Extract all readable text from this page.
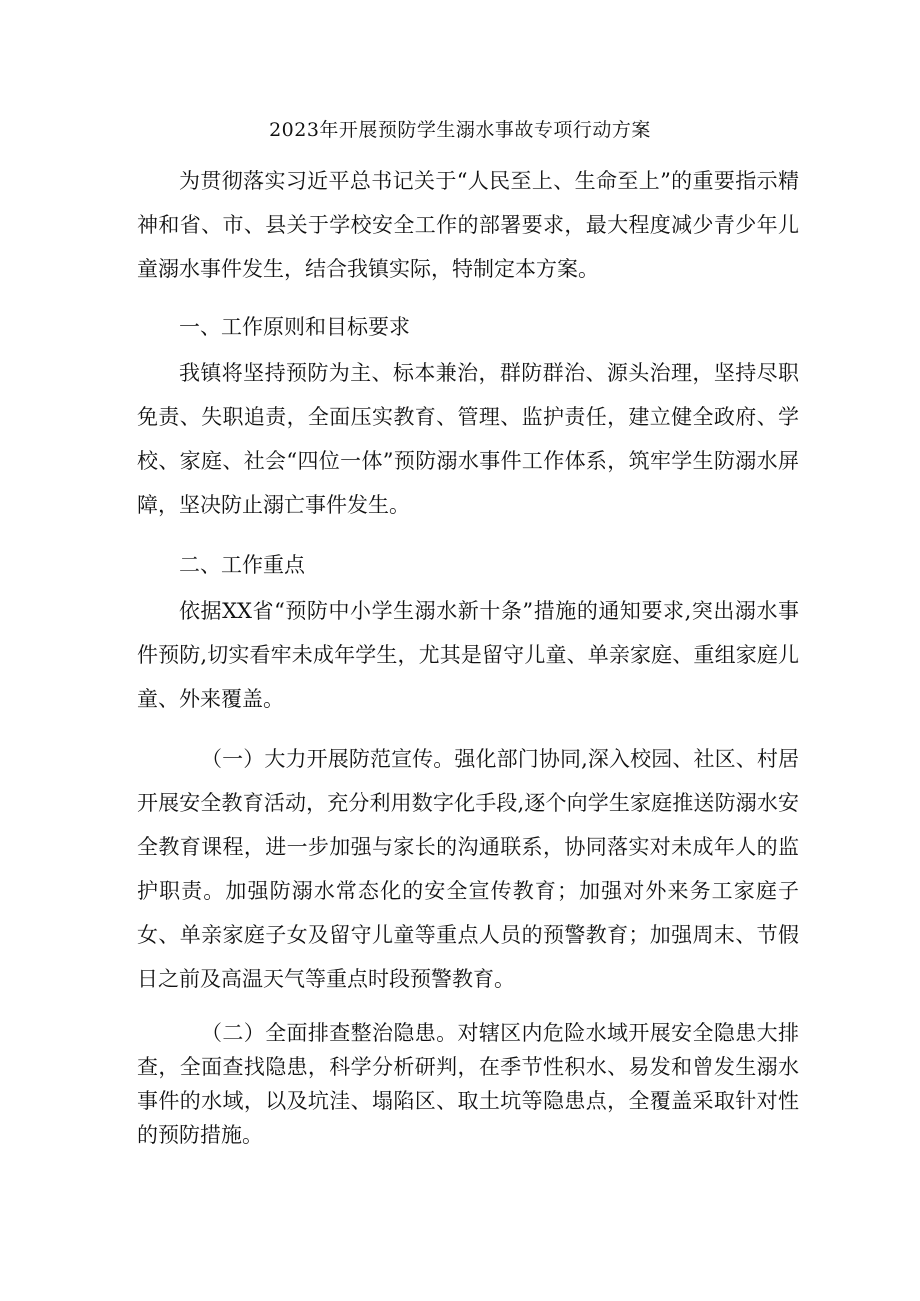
2023年开展预防学生溺水事故专项行动方案

为贯彻落实习近平总书记关于“人民至上、生命至上”的重要指示精神和省、市、县关于学校安全工作的部署要求，最大程度减少青少年儿童溺水事件发生，结合我镇实际，特制定本方案。

一、工作原则和目标要求

我镇将坚持预防为主、标本兼治，群防群治、源头治理，坚持尽职免责、失职追责，全面压实教育、管理、监护责任，建立健全政府、学校、家庭、社会“四位一体”预防溺水事件工作体系，筑牢学生防溺水屏障，坚决防止溺亡事件发生。

二、工作重点

依据XX省“预防中小学生溺水新十条”措施的通知要求,突出溺水事件预防,切实看牢未成年学生，尤其是留守儿童、单亲家庭、重组家庭儿童、外来覆盖。

（一）大力开展防范宣传。强化部门协同,深入校园、社区、村居开展安全教育活动，充分利用数字化手段,逐个向学生家庭推送防溺水安全教育课程，进一步加强与家长的沟通联系，协同落实对未成年人的监护职责。加强防溺水常态化的安全宣传教育；加强对外来务工家庭子女、单亲家庭子女及留守儿童等重点人员的预警教育；加强周末、节假日之前及高温天气等重点时段预警教育。

（二）全面排查整治隐患。对辖区内危险水域开展安全隐患大排查，全面查找隐患，科学分析研判，在季节性积水、易发和曾发生溺水事件的水域，以及坑洼、塌陷区、取土坑等隐患点，全覆盖采取针对性的预防措施。
